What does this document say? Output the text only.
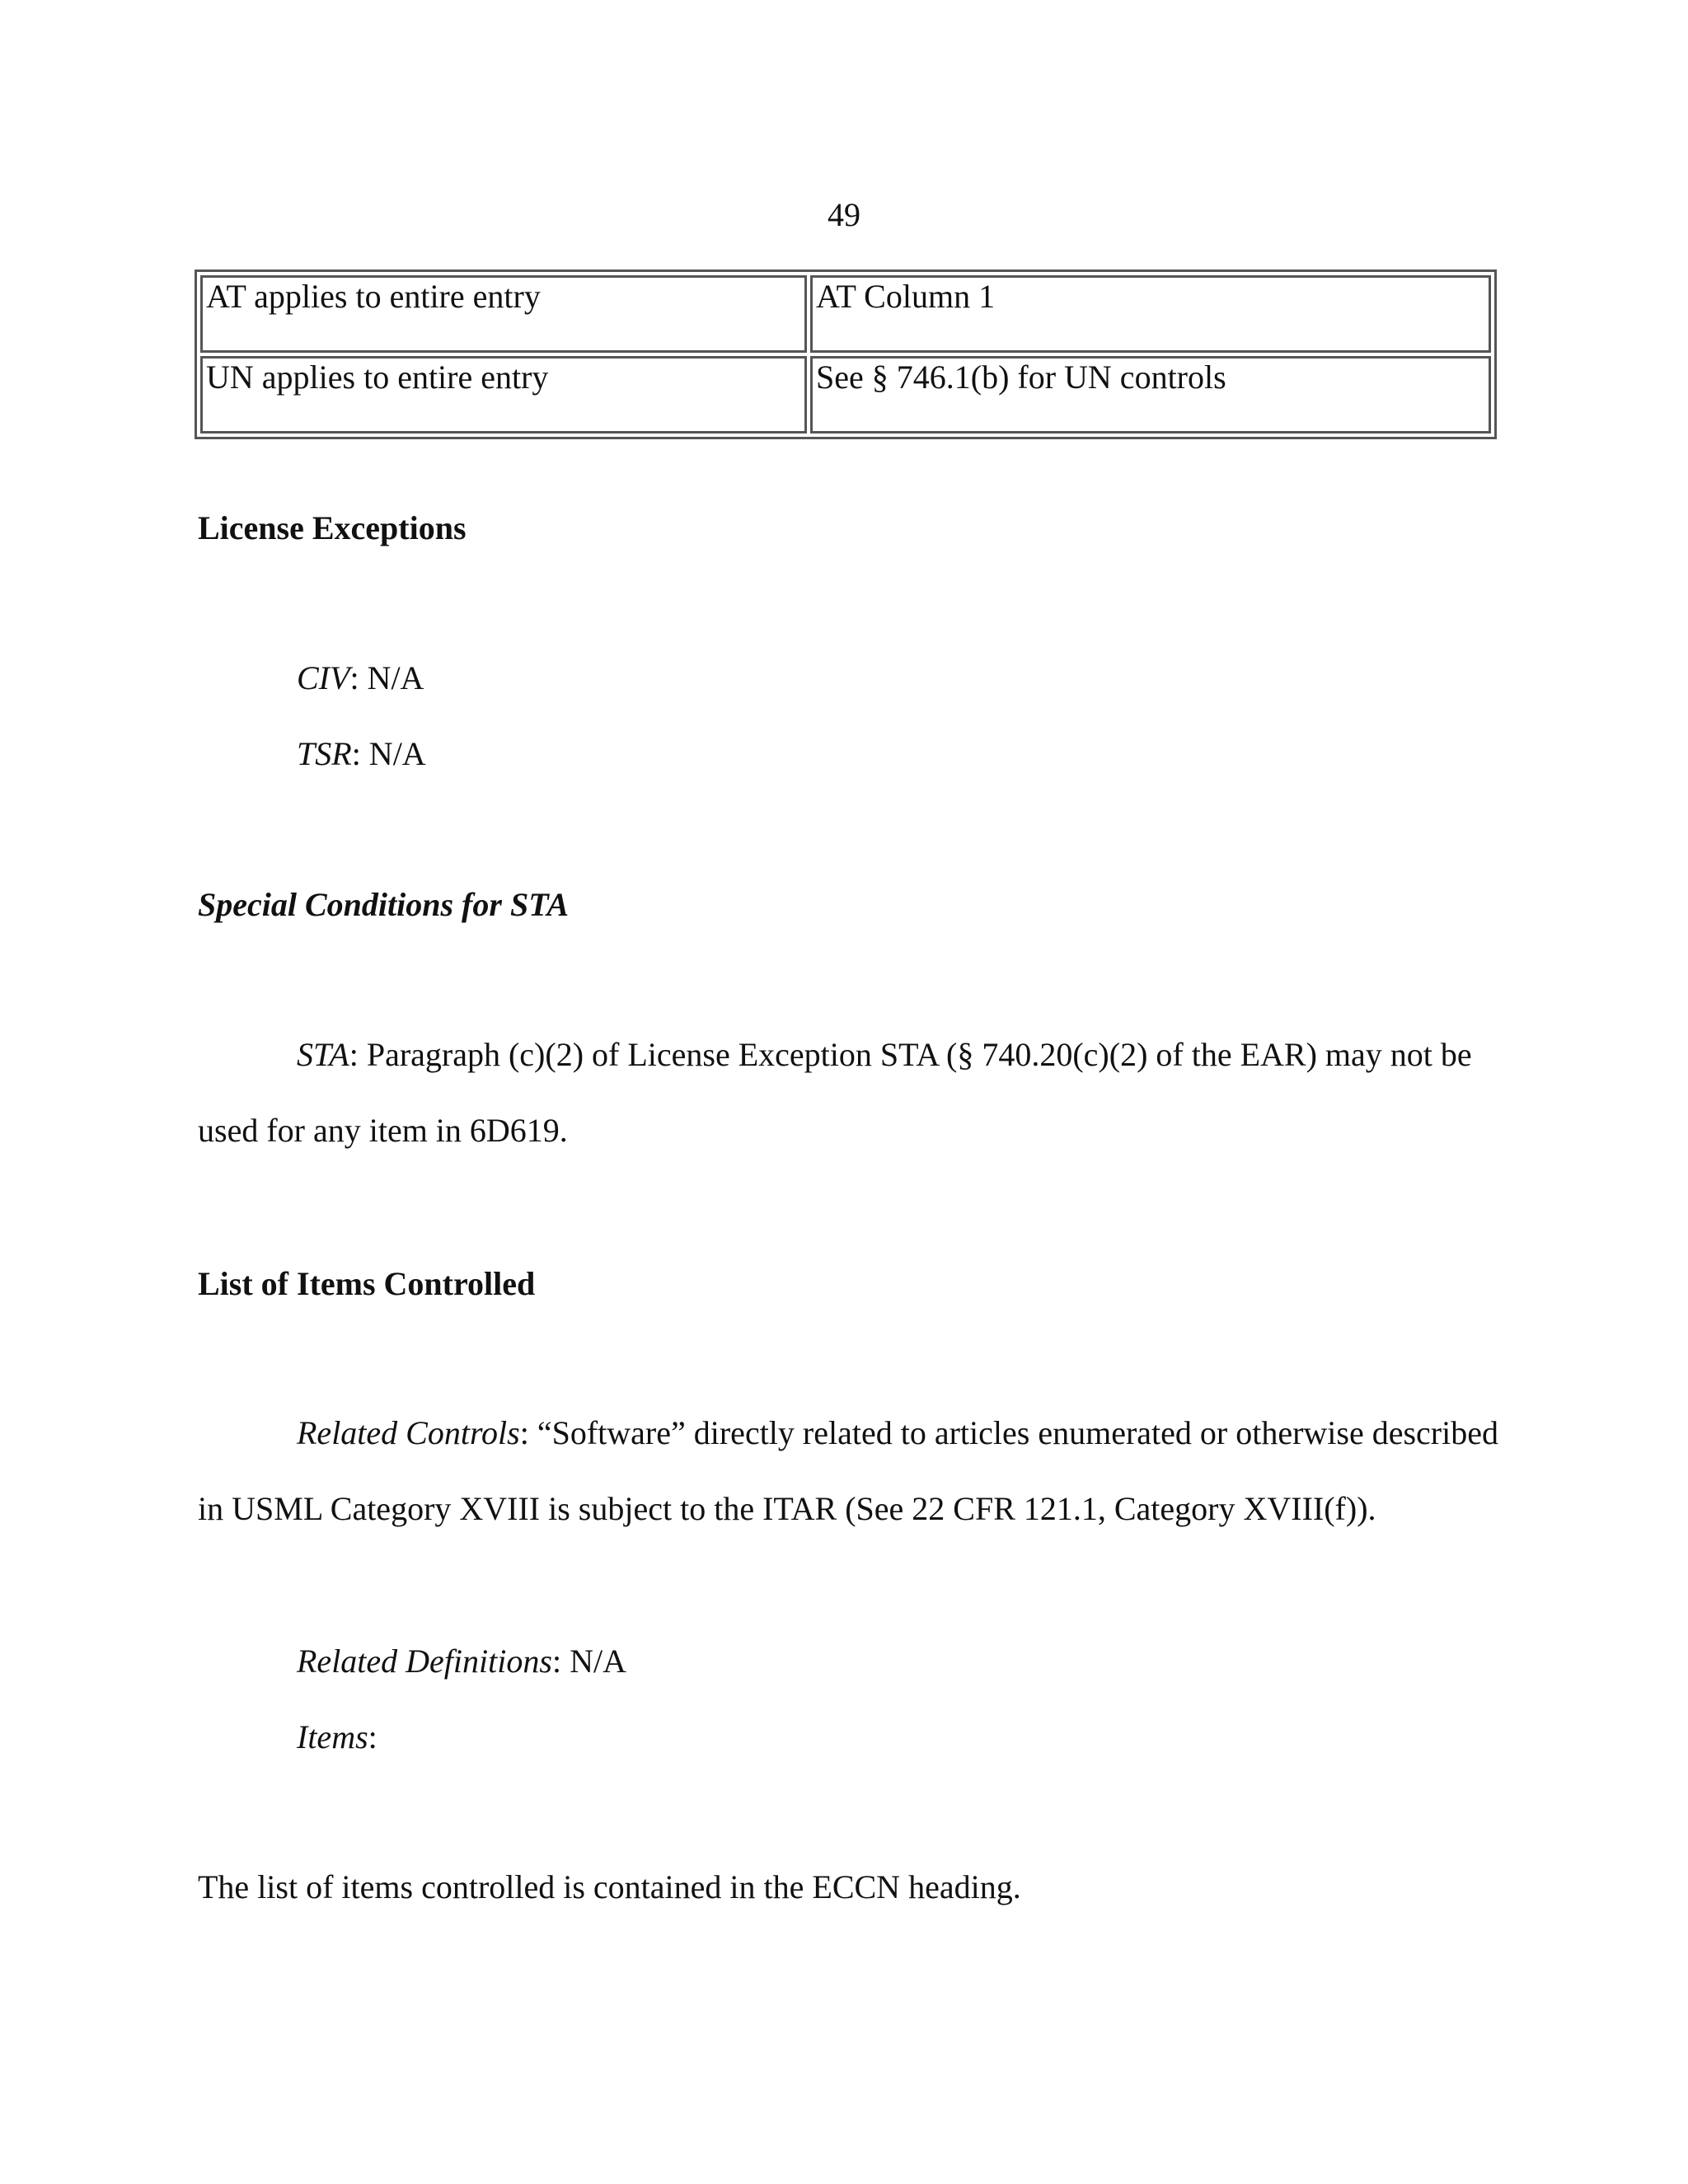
49
AT applies to entire entry	AT Column 1
UN applies to entire entry	See § 746.1(b) for UN controls
License Exceptions
CIV: N/A
TSR: N/A
Special Conditions for STA
STA: Paragraph (c)(2) of License Exception STA (§ 740.20(c)(2) of the EAR) may not be used for any item in 6D619.
List of Items Controlled
Related Controls: “Software” directly related to articles enumerated or otherwise described in USML Category XVIII is subject to the ITAR (See 22 CFR 121.1, Category XVIII(f)).
Related Definitions: N/A
Items:
The list of items controlled is contained in the ECCN heading.
